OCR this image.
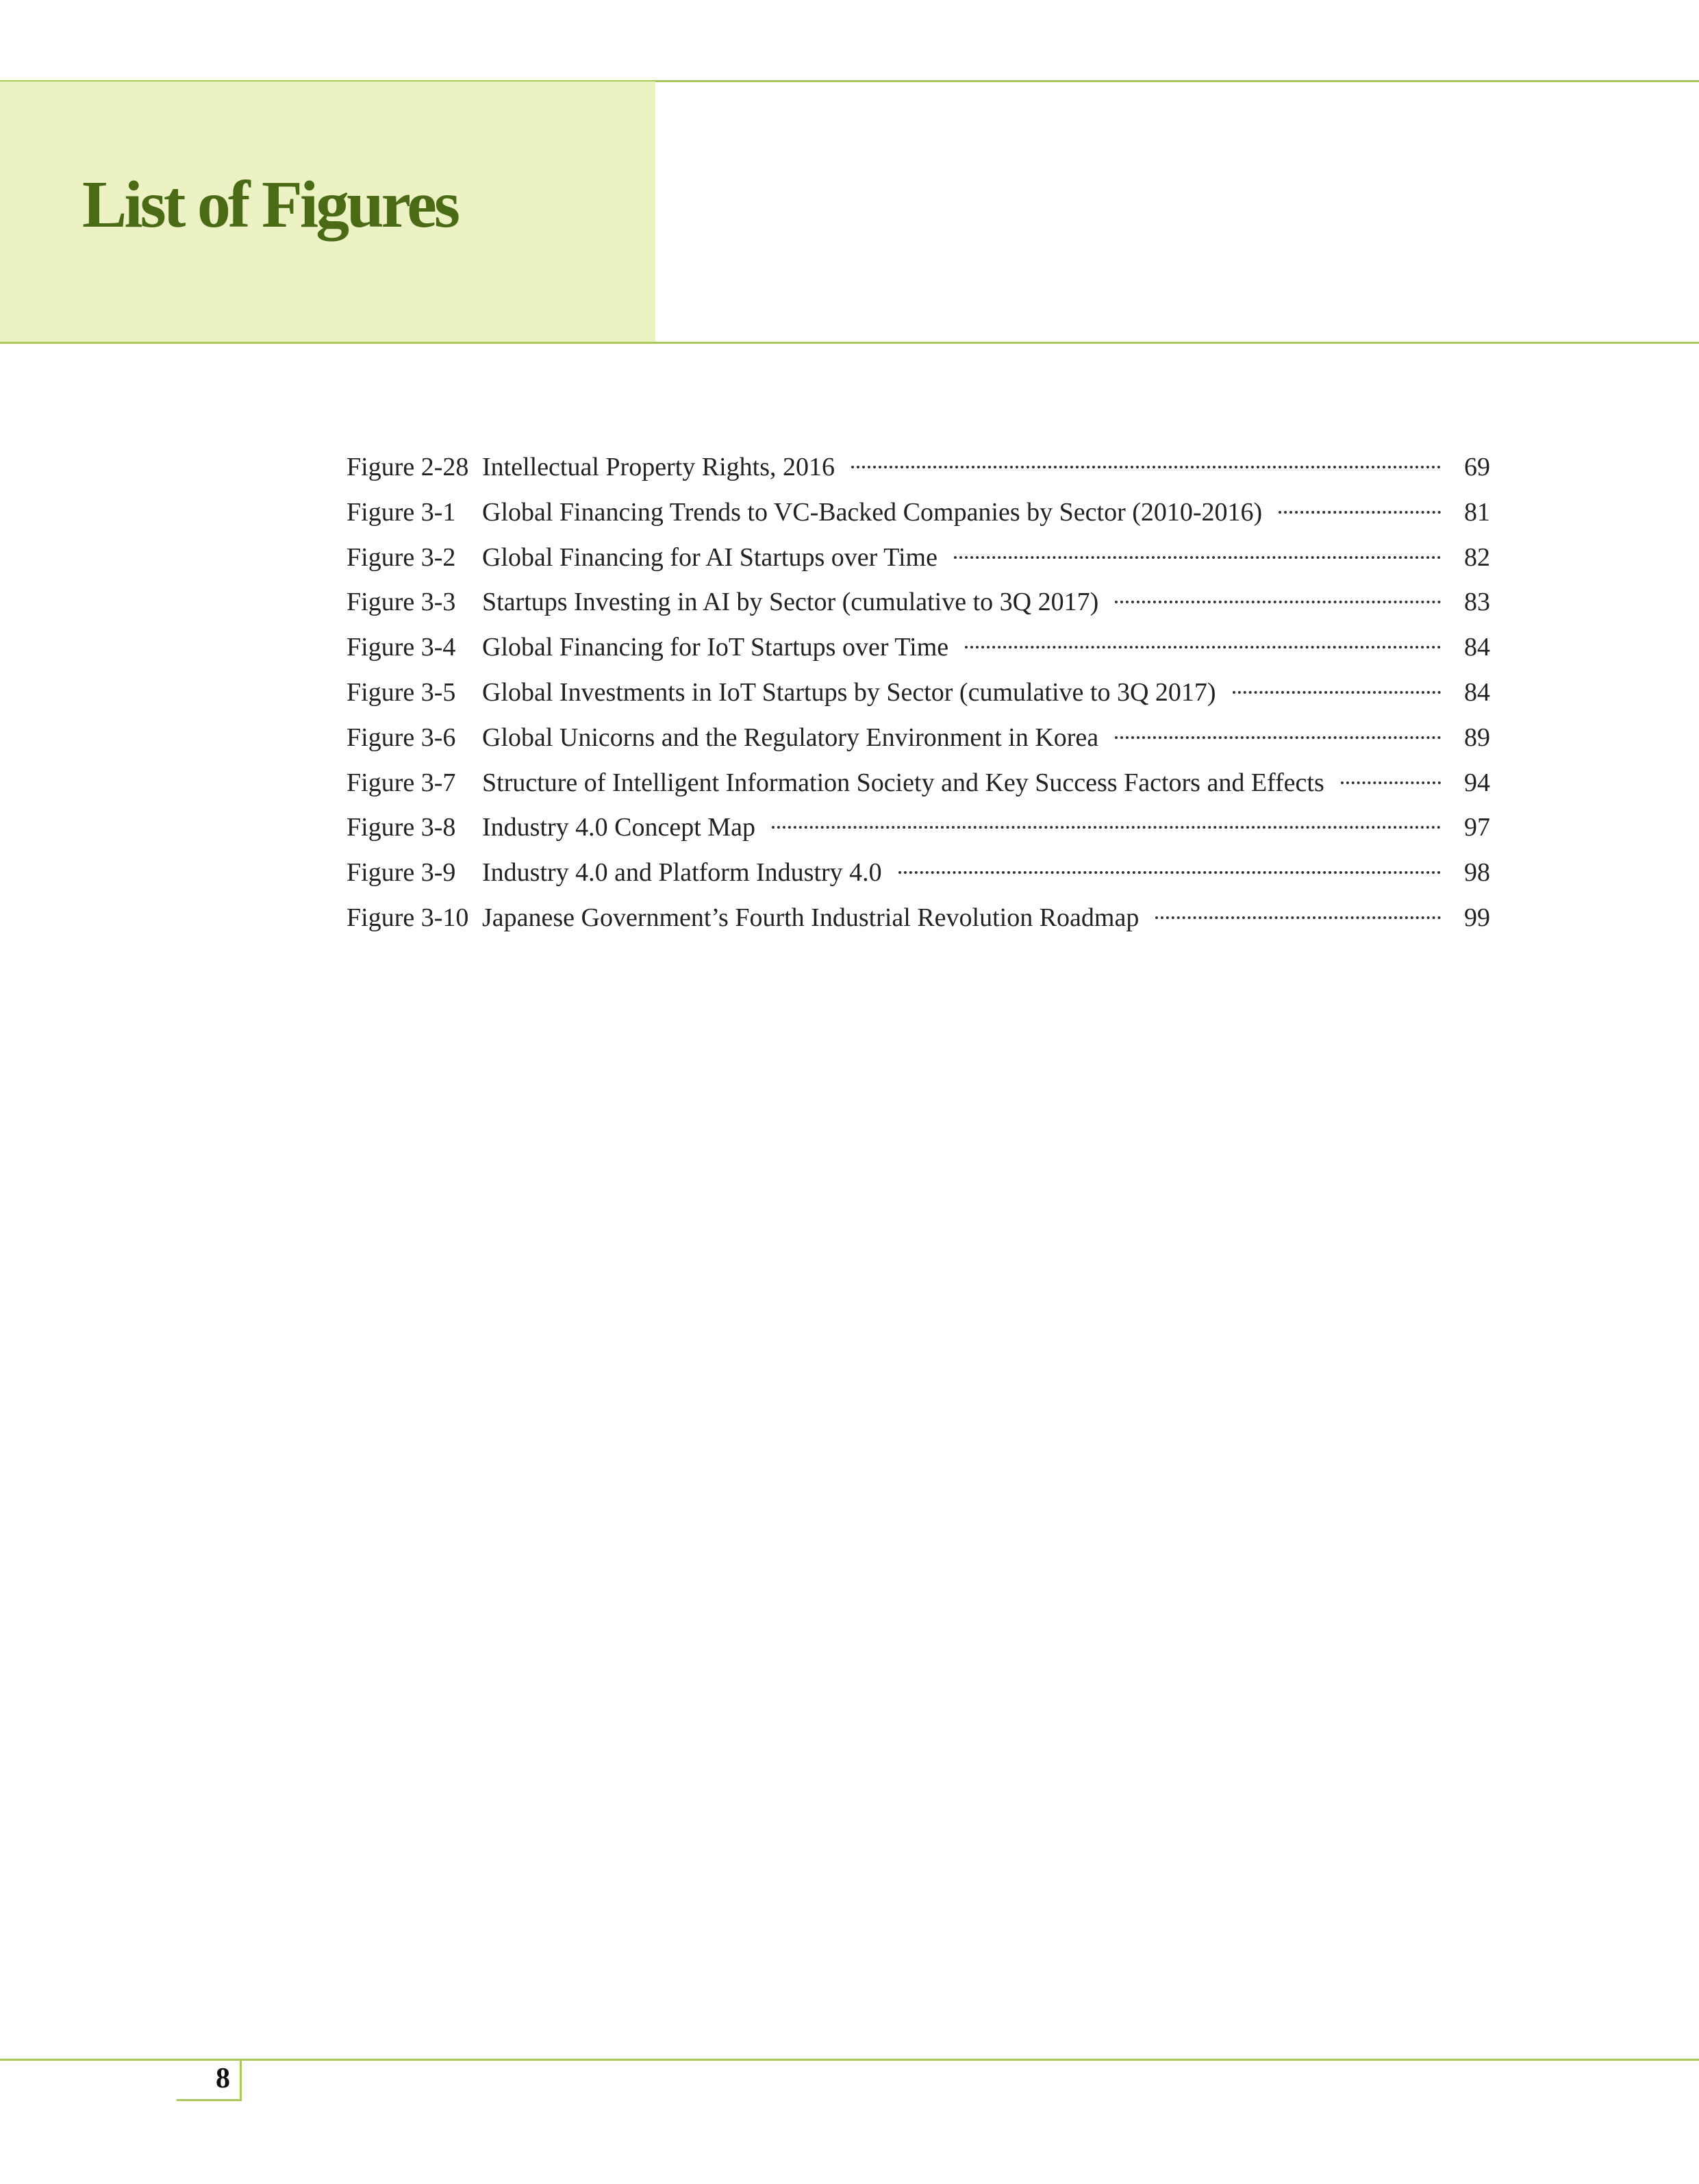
List of Figures
Figure 2-28 Intellectual Property Rights, 2016	69
Figure 3-1	Global Financing Trends to VC-Backed Companies by Sector (2010-2016)	81
Figure 3-2	Global Financing for AI Startups over Time	82
Figure 3-3	Startups Investing in AI by Sector (cumulative to 3Q 2017)	83
Figure 3-4	Global Financing for IoT Startups over Time	84
Figure 3-5	Global Investments in IoT Startups by Sector (cumulative to 3Q 2017)	84
Figure 3-6	Global Unicorns and the Regulatory Environment in Korea	89
Figure 3-7	Structure of Intelligent Information Society and Key Success Factors and Effects	94
Figure 3-8	Industry 4.0 Concept Map	97
Figure 3-9	Industry 4.0 and Platform Industry 4.0	98
Figure 3-10 Japanese Government’s Fourth Industrial Revolution Roadmap	99
8
